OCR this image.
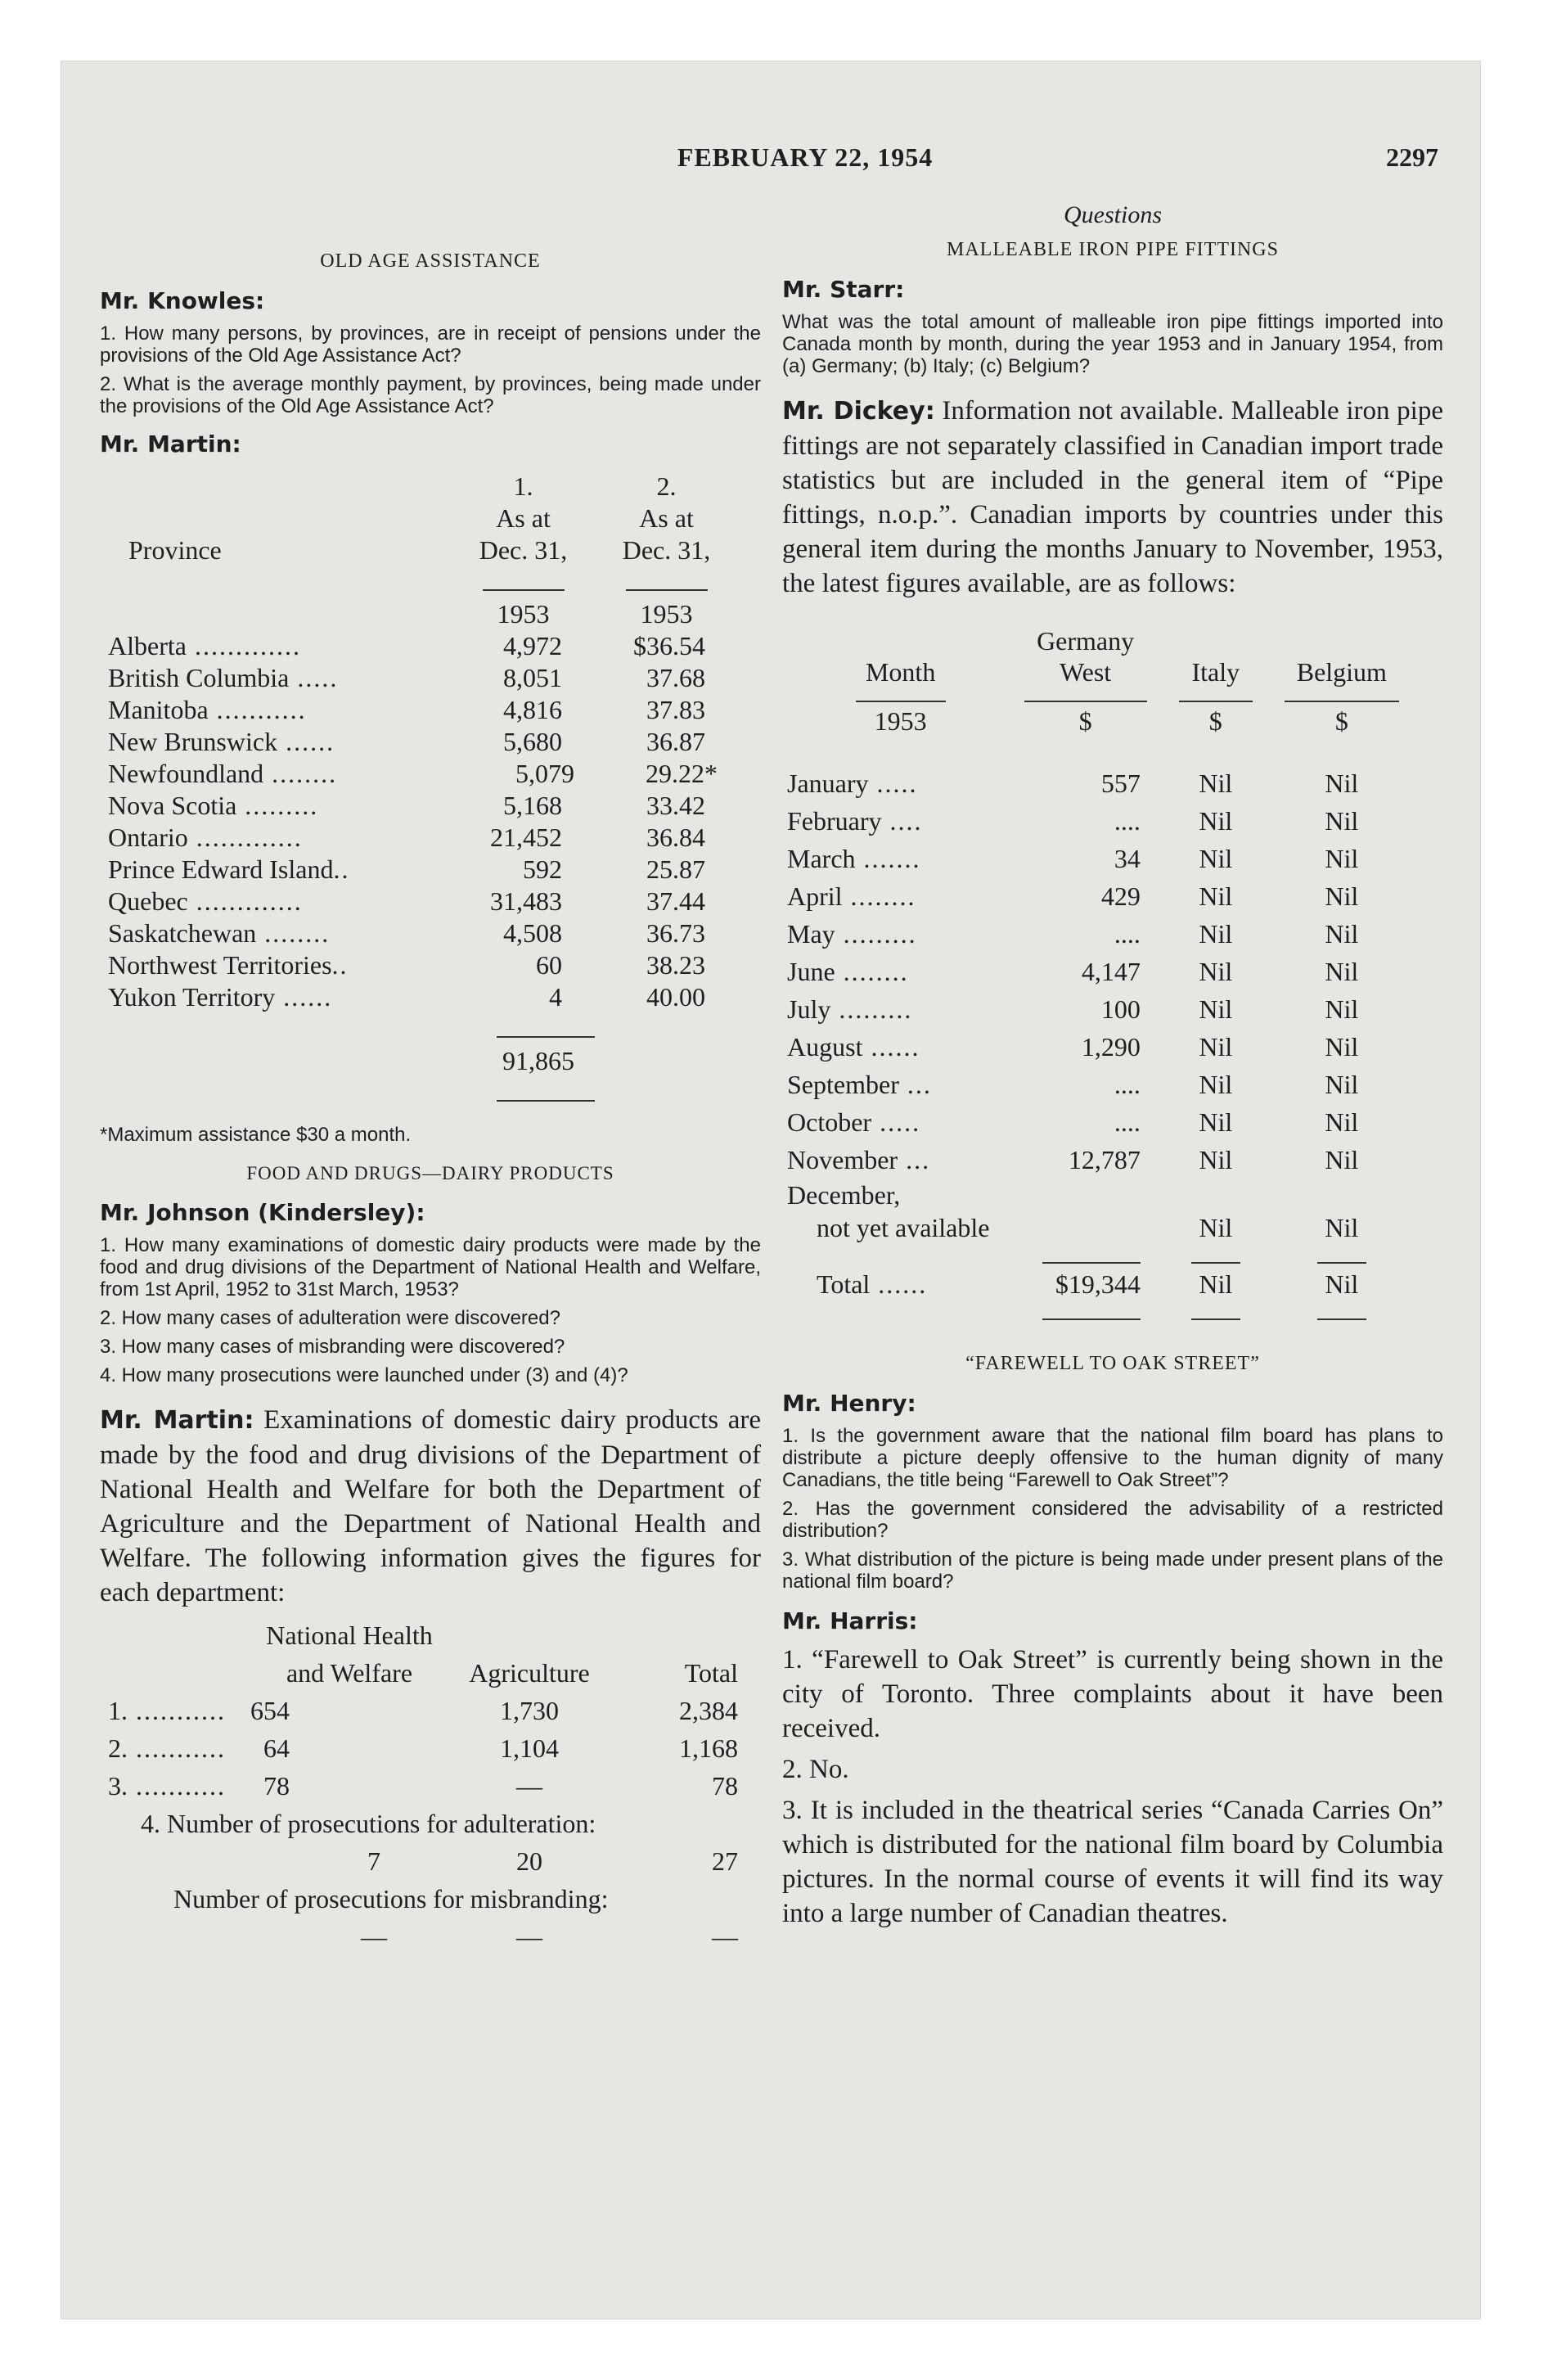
FEBRUARY 22, 1954	2297
OLD AGE ASSISTANCE
Mr. Knowles:

1. How many persons, by provinces, are in receipt of pensions under the provisions of the Old Age Assistance Act?

2. What is the average monthly payment, by provinces, being made under the provisions of the Old Age Assistance Act?

Mr. Martin:
	1.	2.
	As at	As at
Province	Dec. 31,	Dec. 31,

	1953	1953
Alberta .............	4,972	$36.54
British Columbia .....	8,051	37.68
Manitoba ...........	4,816	37.83
New Brunswick ......	5,680	36.87
Newfoundland ........	5,079	29.22*
Nova Scotia .........	5,168	33.42
Ontario .............	21,452	36.84
Prince Edward Island..	592	25.87
Quebec .............	31,483	37.44
Saskatchewan ........	4,508	36.73
Northwest Territories..	60	38.23
Yukon Territory ......	4	40.00

	91,865	

*Maximum assistance $30 a month.
FOOD AND DRUGS—DAIRY PRODUCTS
Mr. Johnson (Kindersley):

1. How many examinations of domestic dairy products were made by the food and drug divisions of the Department of National Health and Welfare, from 1st April, 1952 to 31st March, 1953?

2. How many cases of adulteration were discovered?

3. How many cases of misbranding were discovered?

4. How many prosecutions were launched under (3) and (4)?

Mr. Martin: Examinations of domestic dairy products are made by the food and drug divisions of the Department of National Health and Welfare for both the Department of Agriculture and the Department of National Health and Welfare. The following information gives the figures for each department:

	National Health		
	and Welfare	Agriculture	Total
1. ........... 654		1,730	2,384
2. ........... 64		1,104	1,168
3. ........... 78		—	78
4. Number of prosecutions for adulteration:			
	7	20	27
Number of prosecutions for misbranding:			
	—	—	—
Questions
MALLEABLE IRON PIPE FITTINGS
Mr. Starr:

What was the total amount of malleable iron pipe fittings imported into Canada month by month, during the year 1953 and in January 1954, from (a) Germany; (b) Italy; (c) Belgium?

Mr. Dickey: Information not available. Malleable iron pipe fittings are not separately classified in Canadian import trade statistics but are included in the general item of “Pipe fittings, n.o.p.”. Canadian imports by countries under this general item during the months January to November, 1953, the latest figures available, are as follows:

	Germany		
Month	West	Italy	Belgium

1953	$	$	$
January .....	557	Nil	Nil
February ....	....	Nil	Nil
March .......	34	Nil	Nil
April ........	429	Nil	Nil
May .........	....	Nil	Nil
June ........	4,147	Nil	Nil
July .........	100	Nil	Nil
August ......	1,290	Nil	Nil
September ...	....	Nil	Nil
October .....	....	Nil	Nil
November ...	12,787	Nil	Nil
December,			
not yet available		Nil	Nil

Total ......	$19,344	Nil	Nil

“FAREWELL TO OAK STREET”
Mr. Henry:

1. Is the government aware that the national film board has plans to distribute a picture deeply offensive to the human dignity of many Canadians, the title being “Farewell to Oak Street”?

2. Has the government considered the advisability of a restricted distribution?

3. What distribution of the picture is being made under present plans of the national film board?

Mr. Harris:

1. “Farewell to Oak Street” is currently being shown in the city of Toronto. Three complaints about it have been received.

2. No.

3. It is included in the theatrical series “Canada Carries On” which is distributed for the national film board by Columbia pictures. In the normal course of events it will find its way into a large number of Canadian theatres.
